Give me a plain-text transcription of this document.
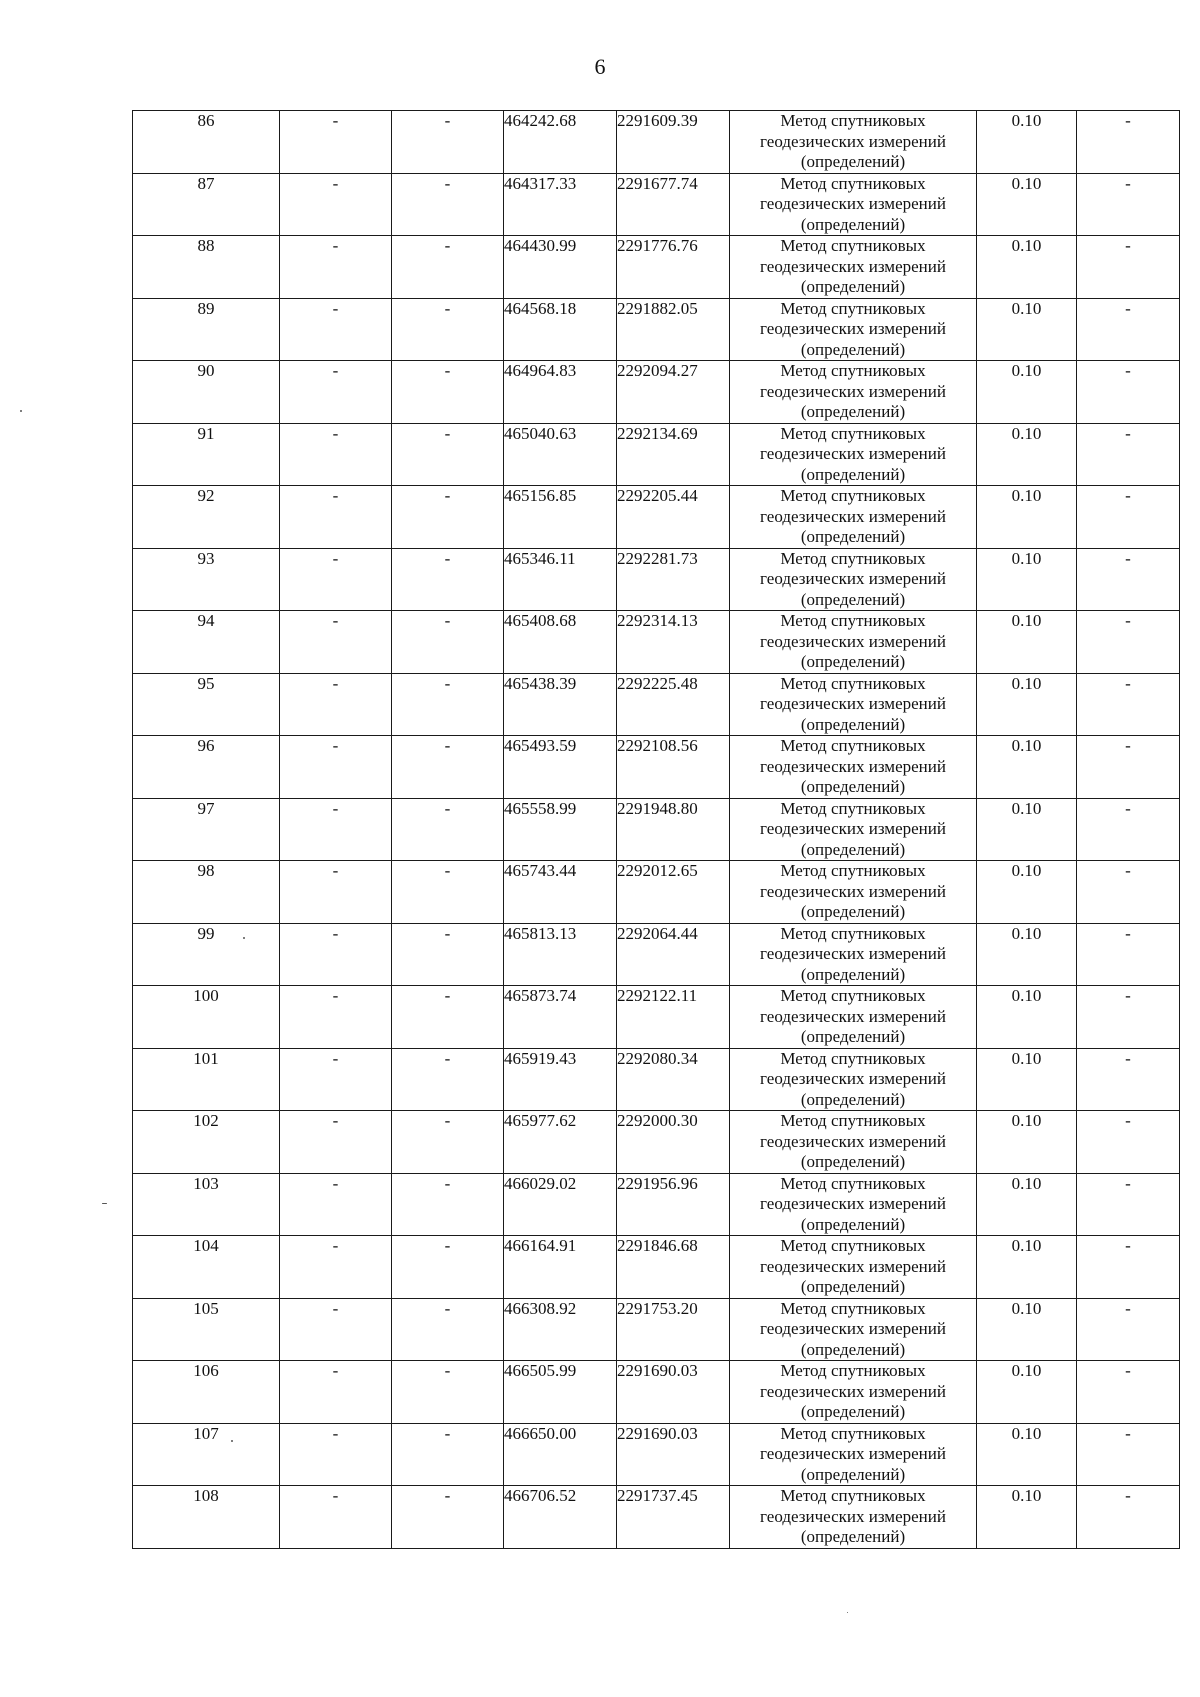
6
86	-	-	464242.68	2291609.39	Метод спутниковых
геодезических измерений
(определений)	0.10	-
87	-	-	464317.33	2291677.74	Метод спутниковых
геодезических измерений
(определений)	0.10	-
88	-	-	464430.99	2291776.76	Метод спутниковых
геодезических измерений
(определений)	0.10	-
89	-	-	464568.18	2291882.05	Метод спутниковых
геодезических измерений
(определений)	0.10	-
90	-	-	464964.83	2292094.27	Метод спутниковых
геодезических измерений
(определений)	0.10	-
91	-	-	465040.63	2292134.69	Метод спутниковых
геодезических измерений
(определений)	0.10	-
92	-	-	465156.85	2292205.44	Метод спутниковых
геодезических измерений
(определений)	0.10	-
93	-	-	465346.11	2292281.73	Метод спутниковых
геодезических измерений
(определений)	0.10	-
94	-	-	465408.68	2292314.13	Метод спутниковых
геодезических измерений
(определений)	0.10	-
95	-	-	465438.39	2292225.48	Метод спутниковых
геодезических измерений
(определений)	0.10	-
96	-	-	465493.59	2292108.56	Метод спутниковых
геодезических измерений
(определений)	0.10	-
97	-	-	465558.99	2291948.80	Метод спутниковых
геодезических измерений
(определений)	0.10	-
98	-	-	465743.44	2292012.65	Метод спутниковых
геодезических измерений
(определений)	0.10	-
99	-	-	465813.13	2292064.44	Метод спутниковых
геодезических измерений
(определений)	0.10	-
100	-	-	465873.74	2292122.11	Метод спутниковых
геодезических измерений
(определений)	0.10	-
101	-	-	465919.43	2292080.34	Метод спутниковых
геодезических измерений
(определений)	0.10	-
102	-	-	465977.62	2292000.30	Метод спутниковых
геодезических измерений
(определений)	0.10	-
103	-	-	466029.02	2291956.96	Метод спутниковых
геодезических измерений
(определений)	0.10	-
104	-	-	466164.91	2291846.68	Метод спутниковых
геодезических измерений
(определений)	0.10	-
105	-	-	466308.92	2291753.20	Метод спутниковых
геодезических измерений
(определений)	0.10	-
106	-	-	466505.99	2291690.03	Метод спутниковых
геодезических измерений
(определений)	0.10	-
107	-	-	466650.00	2291690.03	Метод спутниковых
геодезических измерений
(определений)	0.10	-
108	-	-	466706.52	2291737.45	Метод спутниковых
геодезических измерений
(определений)	0.10	-
